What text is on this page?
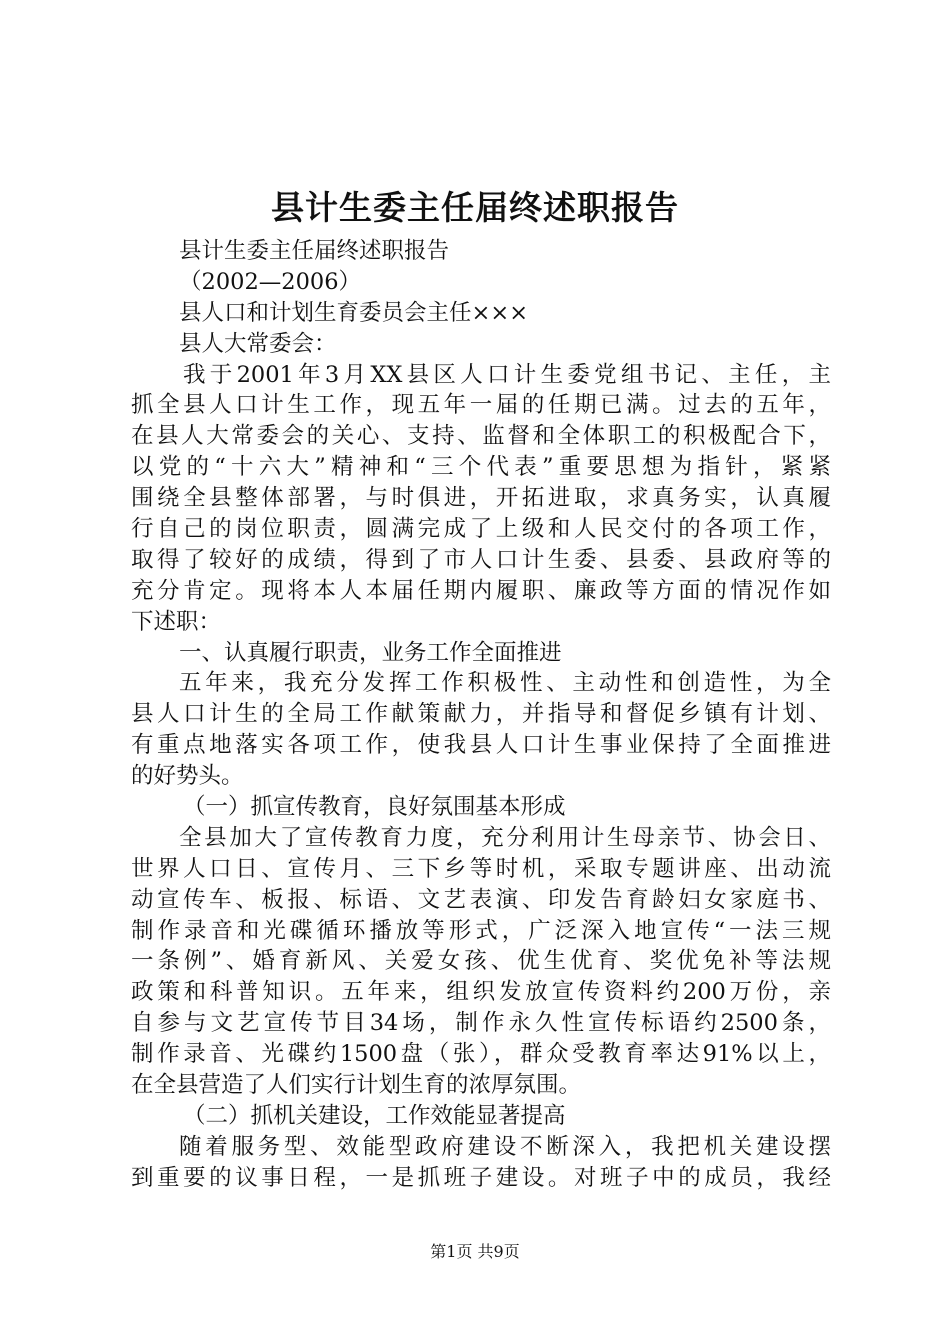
县计生委主任届终述职报告
县计生委主任届终述职报告
（2002—2006）
县人口和计划生育委员会主任×××
县人大常委会：
我于2001年3月XX县区人口计生委党组书记、主任，主
抓全县人口计生工作，现五年一届的任期已满。过去的五年，
在县人大常委会的关心、支持、监督和全体职工的积极配合下，
以党的“十六大”精神和“三个代表”重要思想为指针，紧紧
围绕全县整体部署，与时俱进，开拓进取，求真务实，认真履
行自己的岗位职责，圆满完成了上级和人民交付的各项工作，
取得了较好的成绩，得到了市人口计生委、县委、县政府等的
充分肯定。现将本人本届任期内履职、廉政等方面的情况作如
下述职：
一、认真履行职责，业务工作全面推进
五年来，我充分发挥工作积极性、主动性和创造性，为全
县人口计生的全局工作献策献力，并指导和督促乡镇有计划、
有重点地落实各项工作，使我县人口计生事业保持了全面推进
的好势头。
（一）抓宣传教育，良好氛围基本形成
全县加大了宣传教育力度，充分利用计生母亲节、协会日、
世界人口日、宣传月、三下乡等时机，采取专题讲座、出动流
动宣传车、板报、标语、文艺表演、印发告育龄妇女家庭书、
制作录音和光碟循环播放等形式，广泛深入地宣传“一法三规
一条例”、婚育新风、关爱女孩、优生优育、奖优免补等法规
政策和科普知识。五年来，组织发放宣传资料约200万份，亲
自参与文艺宣传节目34场，制作永久性宣传标语约2500条，
制作录音、光碟约1500盘（张），群众受教育率达91%以上，
在全县营造了人们实行计划生育的浓厚氛围。
（二）抓机关建设，工作效能显著提高
随着服务型、效能型政府建设不断深入，我把机关建设摆
到重要的议事日程，一是抓班子建设。对班子中的成员，我经
第1页 共9页
